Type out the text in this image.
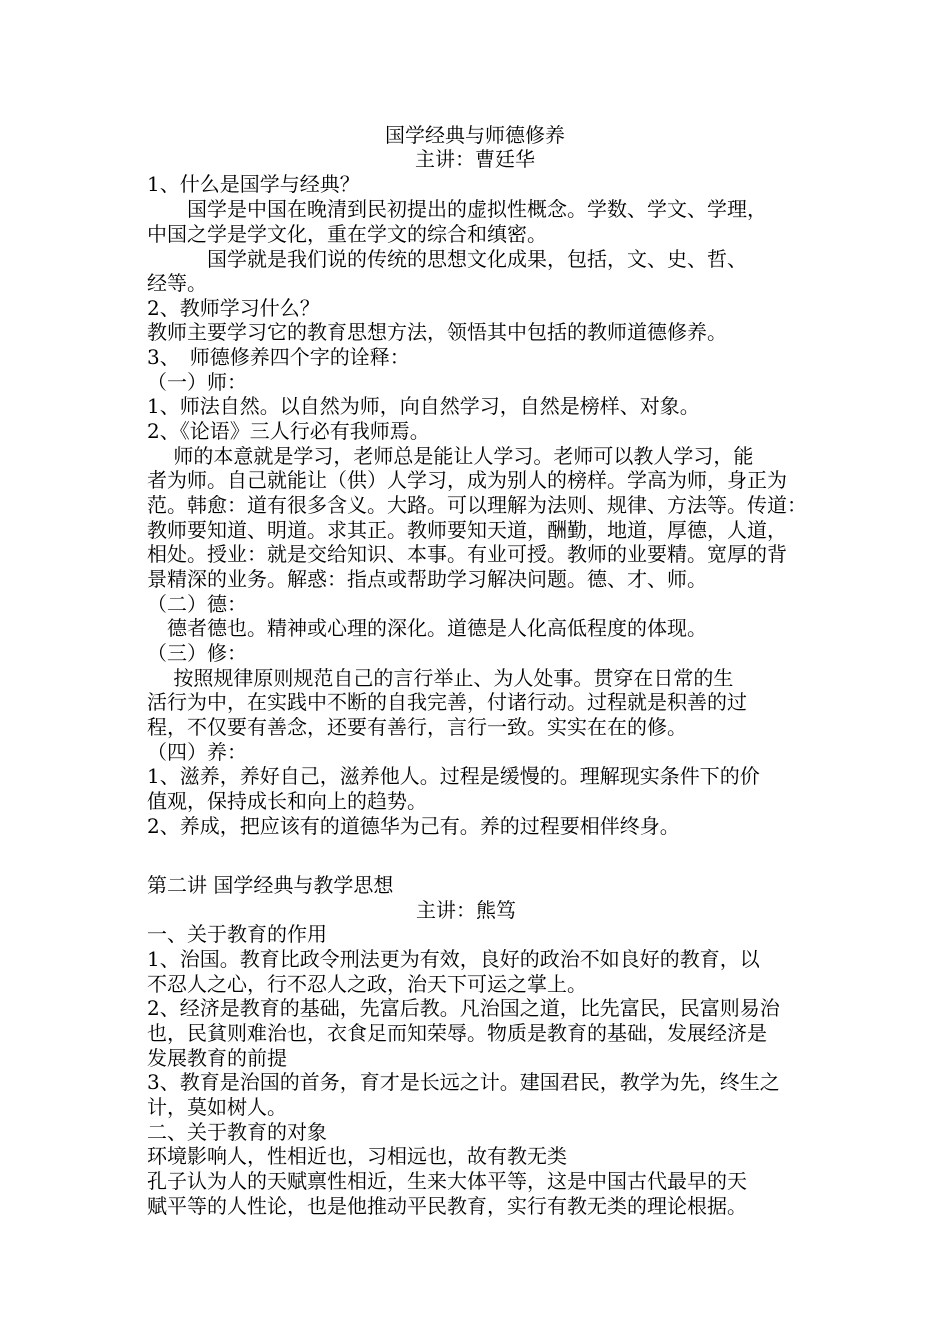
国学经典与师德修养
主讲：曹廷华
1、什么是国学与经典？
　　国学是中国在晚清到民初提出的虚拟性概念。学数、学文、学理，
中国之学是学文化，重在学文的综合和缜密。
　　　国学就是我们说的传统的思想文化成果，包括，文、史、哲、
经等。
2、教师学习什么？
教师主要学习它的教育思想方法，领悟其中包括的教师道德修养。
3、　师德修养四个字的诠释：
（一）师：
1、师法自然。以自然为师，向自然学习，自然是榜样、对象。
2、《论语》三人行必有我师焉。
　 师的本意就是学习，老师总是能让人学习。老师可以教人学习，能
者为师。自己就能让（供）人学习，成为别人的榜样。学高为师，身正为
范。韩愈：道有很多含义。大路。可以理解为法则、规律、方法等。传道：
教师要知道、明道。求其正。教师要知天道，酬勤，地道，厚德，人道，
相处。授业：就是交给知识、本事。有业可授。教师的业要精。宽厚的背
景精深的业务。解惑：指点或帮助学习解决问题。德、才、师。
（二）德：
　德者德也。精神或心理的深化。道德是人化高低程度的体现。
（三）修：
　 按照规律原则规范自己的言行举止、为人处事。贯穿在日常的生
活行为中，在实践中不断的自我完善，付诸行动。过程就是积善的过
程，不仅要有善念，还要有善行，言行一致。实实在在的修。
（四）养：
1、滋养，养好自己，滋养他人。过程是缓慢的。理解现实条件下的价
值观，保持成长和向上的趋势。
2、养成，把应该有的道德华为己有。养的过程要相伴终身。
第二讲 国学经典与教学思想
主讲：熊笃
一、关于教育的作用
1、治国。教育比政令刑法更为有效，良好的政治不如良好的教育，以
不忍人之心，行不忍人之政，治天下可运之掌上。
2、经济是教育的基础，先富后教。凡治国之道，比先富民，民富则易治
也，民貧则难治也，衣食足而知荣辱。物质是教育的基础，发展经济是
发展教育的前提
3、教育是治国的首务，育才是长远之计。建国君民，教学为先，终生之
计，莫如树人。
二、关于教育的对象
环境影响人，性相近也，习相远也，故有教无类
孔子认为人的天赋禀性相近，生来大体平等，这是中国古代最早的天
赋平等的人性论，也是他推动平民教育，实行有教无类的理论根据。
